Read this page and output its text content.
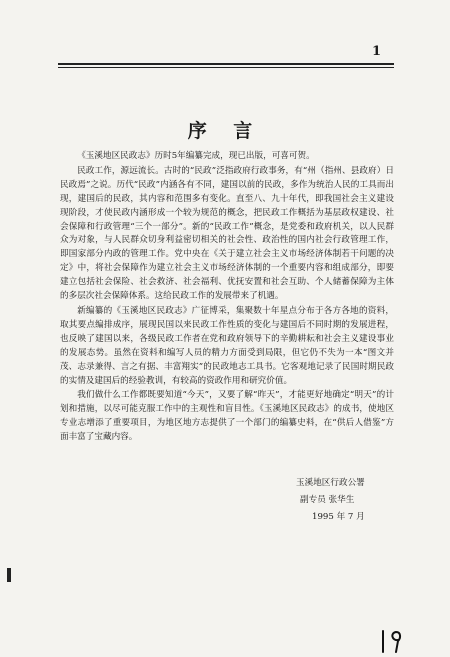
1
序 言

《玉溪地区民政志》历时5年编纂完成，现已出版，可喜可贺。

民政工作，源远流长。古时的“民政”泛指政府行政事务，有“州（指州、县政府）日民政焉”之说。历代“民政”内涵各有不同，建国以前的民政，多作为统治人民的工具而出现，建国后的民政，其内容和范围多有变化。直至八、九十年代，即我国社会主义建设现阶段，才使民政内涵形成一个较为规范的概念，把民政工作概括为基层政权建设、社会保障和行政管理“三个一部分”。新的“民政工作”概念，是党委和政府机关，以人民群众为对象，与人民群众切身利益密切相关的社会性、政治性的国内社会行政管理工作，即国家部分内政的管理工作。党中央在《关于建立社会主义市场经济体制若干问题的决定》中，将社会保障作为建立社会主义市场经济体制的一个重要内容和组成部分，即要建立包括社会保险、社会救济、社会福利、优抚安置和社会互助、个人储蓄保障为主体的多层次社会保障体系。这给民政工作的发展带来了机遇。

新编纂的《玉溪地区民政志》广征博采，集聚数十年星点分布于各方各地的资料，取其要点编排成序，展现民国以来民政工作性质的变化与建国后不同时期的发展进程，也反映了建国以来，各级民政工作者在党和政府领导下的辛勤耕耘和社会主义建设事业的发展态势。虽然在资料和编写人员的精力方面受到局限，但它仍不失为一本“图文并茂、志录兼得、言之有据、丰富翔实”的民政地志工具书。它客观地记录了民国时期民政的实情及建国后的经验教训，有较高的资政作用和研究价值。

我们做什么工作都既要知道“今天”，又要了解“昨天”，才能更好地确定“明天”的计划和措施，以尽可能克服工作中的主观性和盲目性。《玉溪地区民政志》的成书，使地区专业志增添了重要项目，为地区地方志提供了一个部门的编纂史料，在“供后人借鉴”方面丰富了宝藏内容。

玉溪地区行政公署
副专员 张华生
1995 年 7 月
